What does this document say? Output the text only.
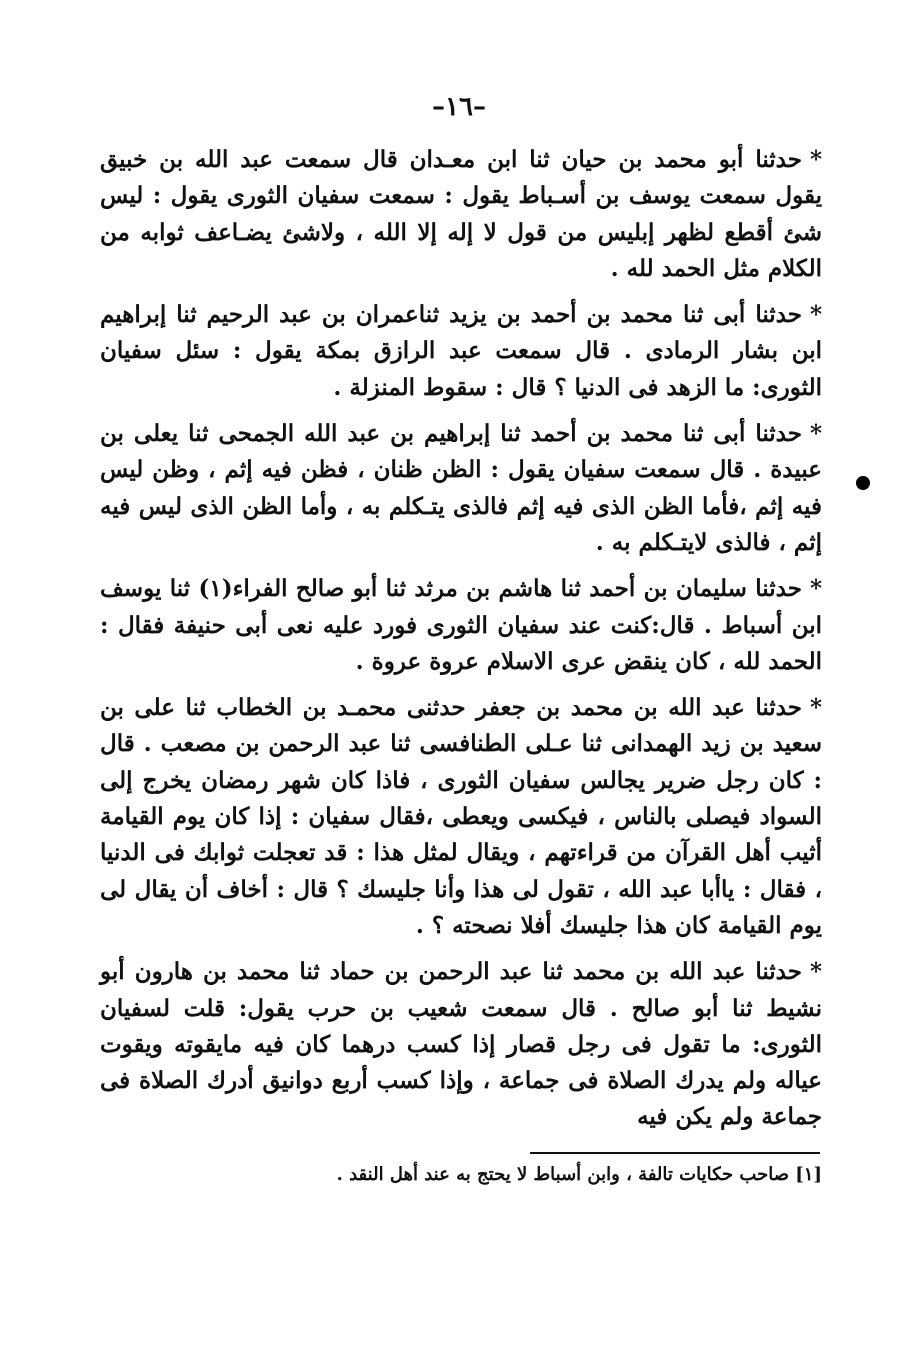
–١٦–

*حدثنا أبو محمد بن حيان ثنا ابن معـدان قال سمعت عبد الله بن خبيق يقول سمعت يوسف بن أسـباط يقول : سمعت سفيان الثورى يقول : ليس شئ أقطع لظهر إبليس من قول لا إله إلا الله ، ولاشئ يضـاعف ثوابه من الكلام مثل الحمد لله .

*حدثنا أبى ثنا محمد بن أحمد بن يزيد ثناعمران بن عبد الرحيم ثنا إبراهيم ابن بشار الرمادى . قال سمعت عبد الرازق بمكة يقول : سئل سفيان الثورى: ما الزهد فى الدنيا ؟ قال : سقوط المنزلة .

*حدثنا أبى ثنا محمد بن أحمد ثنا إبراهيم بن عبد الله الجمحى ثنا يعلى بن عبيدة . قال سمعت سفيان يقول : الظن ظنان ، فظن فيه إثم ، وظن ليس فيه إثم ،فأما الظن الذى فيه إثم فالذى يتـكلم به ، وأما الظن الذى ليس فيه إثم ، فالذى لايتـكلم به .

*حدثنا سليمان بن أحمد ثنا هاشم بن مرثد ثنا أبو صالح الفراء(١) ثنا يوسف ابن أسباط . قال:كنت عند سفيان الثورى فورد عليه نعى أبى حنيفة فقال : الحمد لله ، كان ينقض عرى الاسلام عروة عروة .

*حدثنا عبد الله بن محمد بن جعفر حدثنى محمـد بن الخطاب ثنا على بن سعيد بن زيد الهمدانى ثنا عـلى الطنافسى ثنا عبد الرحمن بن مصعب . قال : كان رجل ضرير يجالس سفيان الثورى ، فاذا كان شهر رمضان يخرج إلى السواد فيصلى بالناس ، فيكسى ويعطى ،فقال سفيان : إذا كان يوم القيامة أثيب أهل القرآن من قراءتهم ، ويقال لمثل هذا : قد تعجلت ثوابك فى الدنيا ، فقال : ياأبا عبد الله ، تقول لى هذا وأنا جليسك ؟ قال : أخاف أن يقال لى يوم القيامة كان هذا جليسك أفلا نصحته ؟ .

*حدثنا عبد الله بن محمد ثنا عبد الرحمن بن حماد ثنا محمد بن هارون أبو نشيط ثنا أبو صالح . قال سمعت شعيب بن حرب يقول: قلت لسفيان الثورى: ما تقول فى رجل قصار إذا كسب درهما كان فيه مايقوته ويقوت عياله ولم يدرك الصلاة فى جماعة ، وإذا كسب أربع دوانيق أدرك الصلاة فى جماعة ولم يكن فيه

[١] صاحب حكايات تالفة ، وابن أسباط لا يحتج به عند أهل النقد .
